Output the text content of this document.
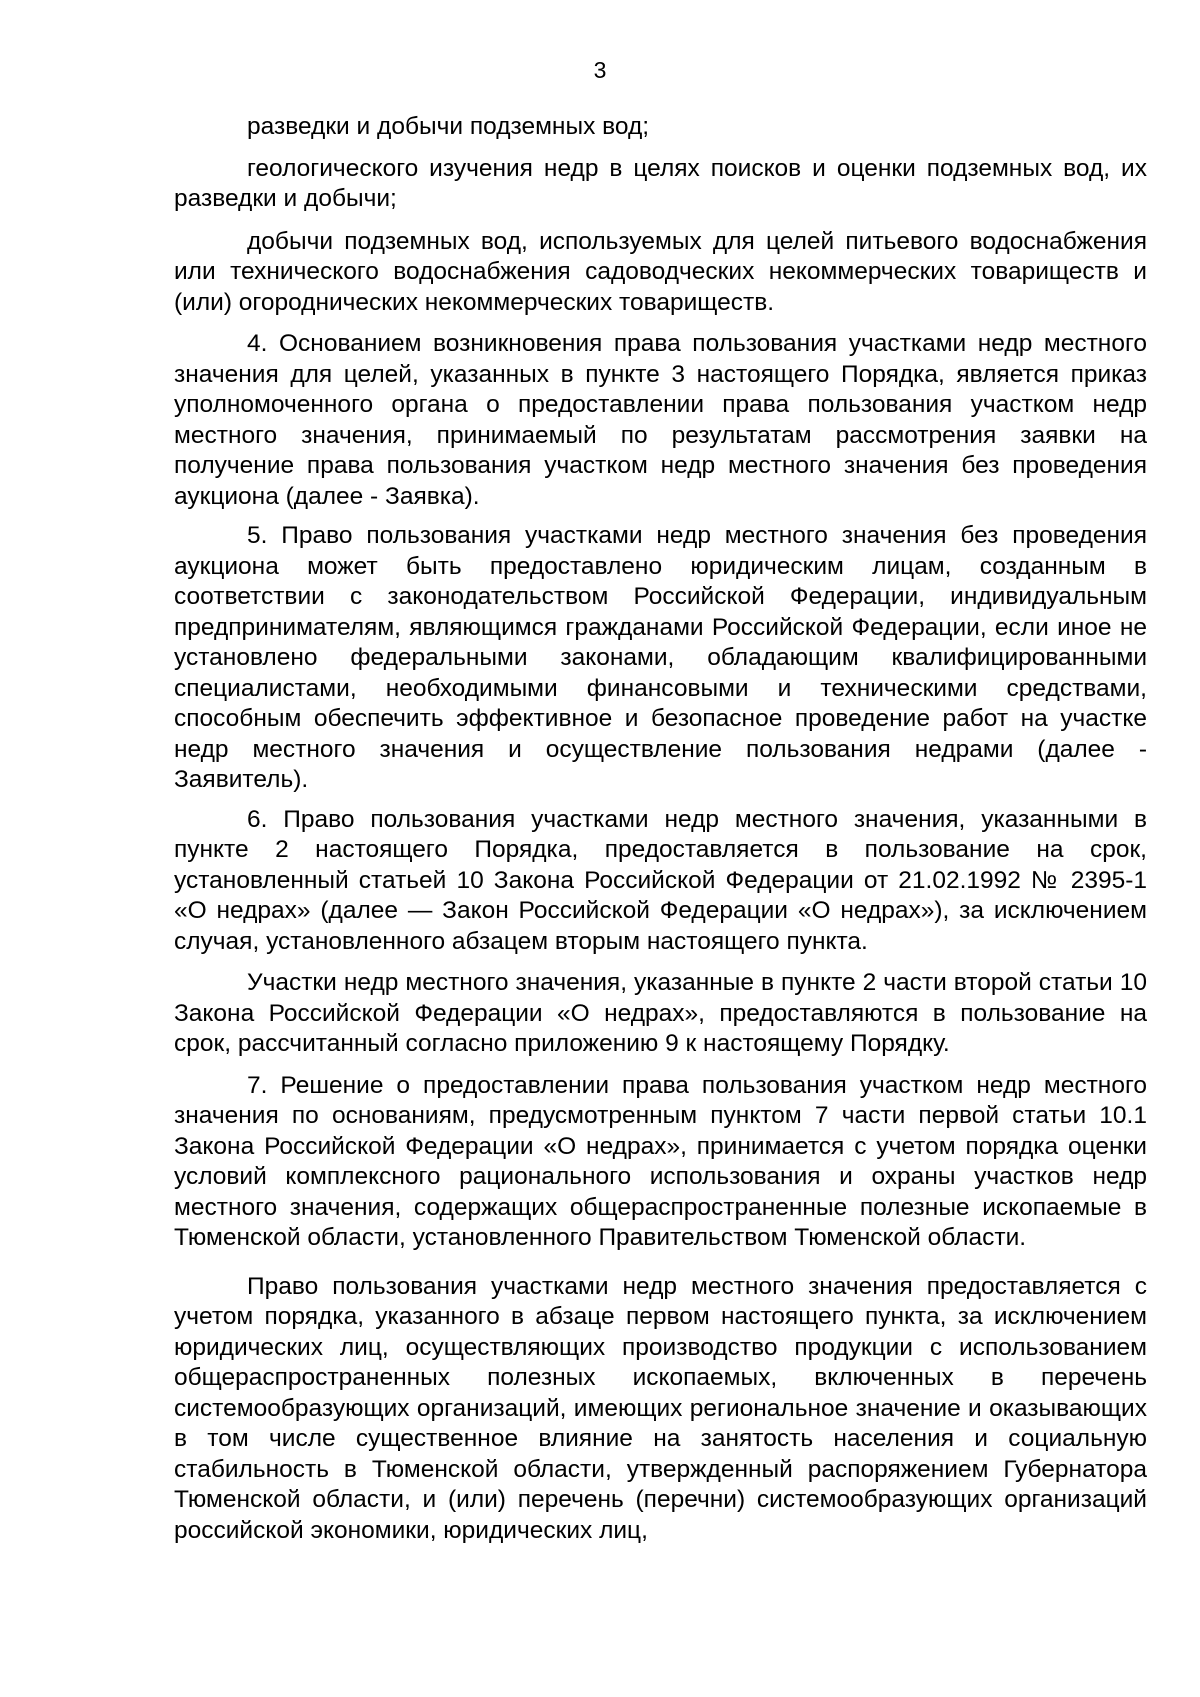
3

разведки и добычи подземных вод;

геологического изучения недр в целях поисков и оценки подземных вод, их разведки и добычи;

добычи подземных вод, используемых для целей питьевого водоснабжения или технического водоснабжения садоводческих некоммерческих товариществ и (или) огороднических некоммерческих товариществ.

4. Основанием возникновения права пользования участками недр местного значения для целей, указанных в пункте 3 настоящего Порядка, является приказ уполномоченного органа о предоставлении права пользования участком недр местного значения, принимаемый по результатам рассмотрения заявки на получение права пользования участком недр местного значения без проведения аукциона (далее - Заявка).

5. Право пользования участками недр местного значения без проведения аукциона может быть предоставлено юридическим лицам, созданным в соответствии с законодательством Российской Федерации, индивидуальным предпринимателям, являющимся гражданами Российской Федерации, если иное не установлено федеральными законами, обладающим квалифицированными специалистами, необходимыми финансовыми и техническими средствами, способным обеспечить эффективное и безопасное проведение работ на участке недр местного значения и осуществление пользования недрами (далее - Заявитель).

6. Право пользования участками недр местного значения, указанными в пункте 2 настоящего Порядка, предоставляется в пользование на срок, установленный статьей 10 Закона Российской Федерации от 21.02.1992 № 2395-1 «О недрах» (далее — Закон Российской Федерации «О недрах»), за исключением случая, установленного абзацем вторым настоящего пункта.

Участки недр местного значения, указанные в пункте 2 части второй статьи 10 Закона Российской Федерации «О недрах», предоставляются в пользование на срок, рассчитанный согласно приложению 9 к настоящему Порядку.

7. Решение о предоставлении права пользования участком недр местного значения по основаниям, предусмотренным пунктом 7 части первой статьи 10.1 Закона Российской Федерации «О недрах», принимается с учетом порядка оценки условий комплексного рационального использования и охраны участков недр местного значения, содержащих общераспространенные полезные ископаемые в Тюменской области, установленного Правительством Тюменской области.

Право пользования участками недр местного значения предоставляется с учетом порядка, указанного в абзаце первом настоящего пункта, за исключением юридических лиц, осуществляющих производство продукции с использованием общераспространенных полезных ископаемых, включенных в перечень системообразующих организаций, имеющих региональное значение и оказывающих в том числе существенное влияние на занятость населения и социальную стабильность в Тюменской области, утвержденный распоряжением Губернатора Тюменской области, и (или) перечень (перечни) системообразующих организаций российской экономики, юридических лиц,
